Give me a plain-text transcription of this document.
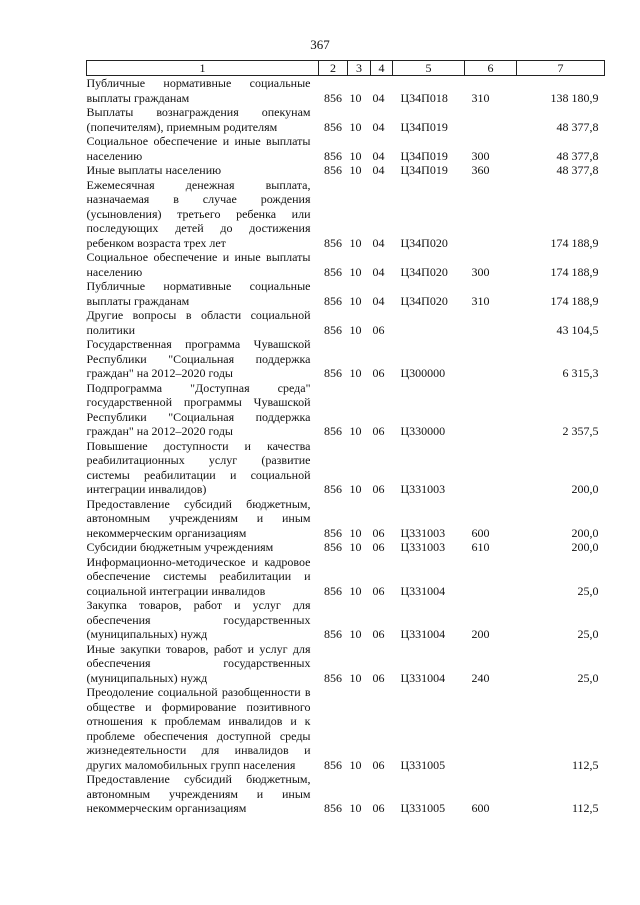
367
1	2	3	4	5	6	7
Публичные нормативные социальные выплаты гражданам	856	10	04	Ц34П018	310	138 180,9
Выплаты вознаграждения опекунам (попечителям), приемным родителям	856	10	04	Ц34П019		48 377,8
Социальное обеспечение и иные выплаты населению	856	10	04	Ц34П019	300	48 377,8
Иные выплаты населению	856	10	04	Ц34П019	360	48 377,8
Ежемесячная денежная выплата, назначаемая в случае рождения (усыновления) третьего ребенка или последующих детей до достижения ребенком возраста трех лет	856	10	04	Ц34П020		174 188,9
Социальное обеспечение и иные выплаты населению	856	10	04	Ц34П020	300	174 188,9
Публичные нормативные социальные выплаты гражданам	856	10	04	Ц34П020	310	174 188,9
Другие вопросы в области социальной политики	856	10	06			43 104,5
Государственная программа Чувашской Республики "Социальная поддержка граждан" на 2012–2020 годы	856	10	06	Ц300000		6 315,3
Подпрограмма "Доступная среда" государственной программы Чувашской Республики "Социальная поддержка граждан" на 2012–2020 годы	856	10	06	Ц330000		2 357,5
Повышение доступности и качества реабилитационных услуг (развитие системы реабилитации и социальной интеграции инвалидов)	856	10	06	Ц331003		200,0
Предоставление субсидий бюджетным, автономным учреждениям и иным некоммерческим организациям	856	10	06	Ц331003	600	200,0
Субсидии бюджетным учреждениям	856	10	06	Ц331003	610	200,0
Информационно-методическое и кадровое обеспечение системы реабилитации и социальной интеграции инвалидов	856	10	06	Ц331004		25,0
Закупка товаров, работ и услуг для обеспечения государственных (муниципальных) нужд	856	10	06	Ц331004	200	25,0
Иные закупки товаров, работ и услуг для обеспечения государственных (муниципальных) нужд	856	10	06	Ц331004	240	25,0
Преодоление социальной разобщенности в обществе и формирование позитивного отношения к проблемам инвалидов и к проблеме обеспечения доступной среды жизнедеятельности для инвалидов и других маломобильных групп населения	856	10	06	Ц331005		112,5
Предоставление субсидий бюджетным, автономным учреждениям и иным некоммерческим организациям	856	10	06	Ц331005	600	112,5
